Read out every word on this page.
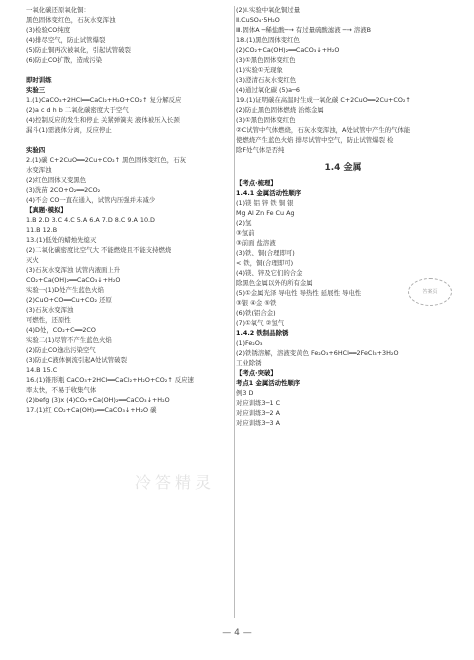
一氧化碳还原氧化铜：
黑色固体变红色，石灰水变浑浊
(3)检验CO纯度
(4)排尽空气，防止试管爆裂
(5)防止铜再次被氧化，引起试管破裂
(6)防止CO扩散，造成污染
即时训练
实验三
1.(1)CaCO₃+2HCl══CaCl₂+H₂O+CO₂↑ 复分解反应
(2)a c d h b 二氧化碳密度大于空气
(4)控制反应的发生和停止 关紧弹簧夹 液体被压入长颈
漏斗(1)需液体分离，反应停止
实验四
2.(1)碳 C+2CuO══2Cu+CO₂↑ 黑色固体变红色，石灰
水变浑浊
(2)红色固体又变黑色
(3)洗苗 2CO+O₂══2CO₂
(4)不会 CO一直在通入，试管内压强并未减少
【真题·模拟】
1.B 2.D 3.C 4.C 5.A 6.A 7.D 8.C 9.A 10.D
11.B 12.B
13.(1)低处的蜡烛先熄灭
(2)二氧化碳密度比空气大 不能燃烧且不能支持燃烧
灭火
(3)石灰水变浑浊 试管内液面上升
CO₂+Ca(OH)₂══CaCO₃↓+H₂O
实验一(1)D处产生蓝色火焰
(2)CuO+CO══Cu+CO₂ 还原
(3)石灰水变浑浊
可燃性，还原性
(4)D处，CO₂+C══2CO
实验二(1)尽管不产生蓝色火焰
(2)防止CO逸出污染空气
(3)防止C液体倒流引起A处试管破裂
14.B 15.C
16.(1)锥形瓶 CaCO₃+2HCl══CaCl₂+H₂O+CO₂↑ 反应速
率太快，不易于收集气体
(2)befg (3)x (4)CO₂+Ca(OH)₂══CaCO₃↓+H₂O
17.(1)红 CO₂+Ca(OH)₂══CaCO₃↓+H₂O 碳
(2)Ⅰ.实验中氧化铜过量
Ⅱ.CuSO₄·5H₂O
Ⅲ.固体A ─稀盐酸─→ 有过量硫酸滤液 ─→ 溶液B
18.(1)黑色固体变红色
(2)CO₂+Ca(OH)₂══CaCO₃↓+H₂O
(3)①黑色固体变红色
(1)实验①无现象
(3)澄清石灰水变红色
(4)通过氧化碳 (5)a─6
19.(1)证明碳在高温时生成一氧化碳 C+2CuO══2Cu+CO₂↑
(2)防止黑色固体燃烧 治炼金属
(3)①黑色固体变红色
②C试管中气体燃烧，石灰水变浑浊，A处试管中产生的气体能
使燃烧产生蓝色火焰 排尽试管中空气，防止试管爆裂 检
除F处气体是否纯
1.4 金属
【考点·梳理】
1.4.1 金属活动性顺序
(1)镁 铝 锌 铁 铜 银
Mg Al Zn Fe Cu Ag
(2)氢
③氢前
③前面 盐溶液
(3)铁、铜(合理即可)
< 铁，铜(合理即可)
(4)镁、锌及它们的合金
除黑色金属以外的所有金属
(5)①金属光泽 导电性 导热性 延展性 导电性
③银 ④金 ⑤铁
(6)铁(铝合金)
(7)①氧气 ②氢气
1.4.2 铁制品除锈
(1)Fe₂O₃
(2)铁锈溶解，溶液变黄色 Fe₂O₃+6HCl══2FeCl₃+3H₂O
工业除锈
【考点·突破】
考点1 金属活动性顺序
例3 D
对应训练3─1 C
对应训练3─2 A
对应训练3─3 A
答案页
冷答精灵
— 4 —
